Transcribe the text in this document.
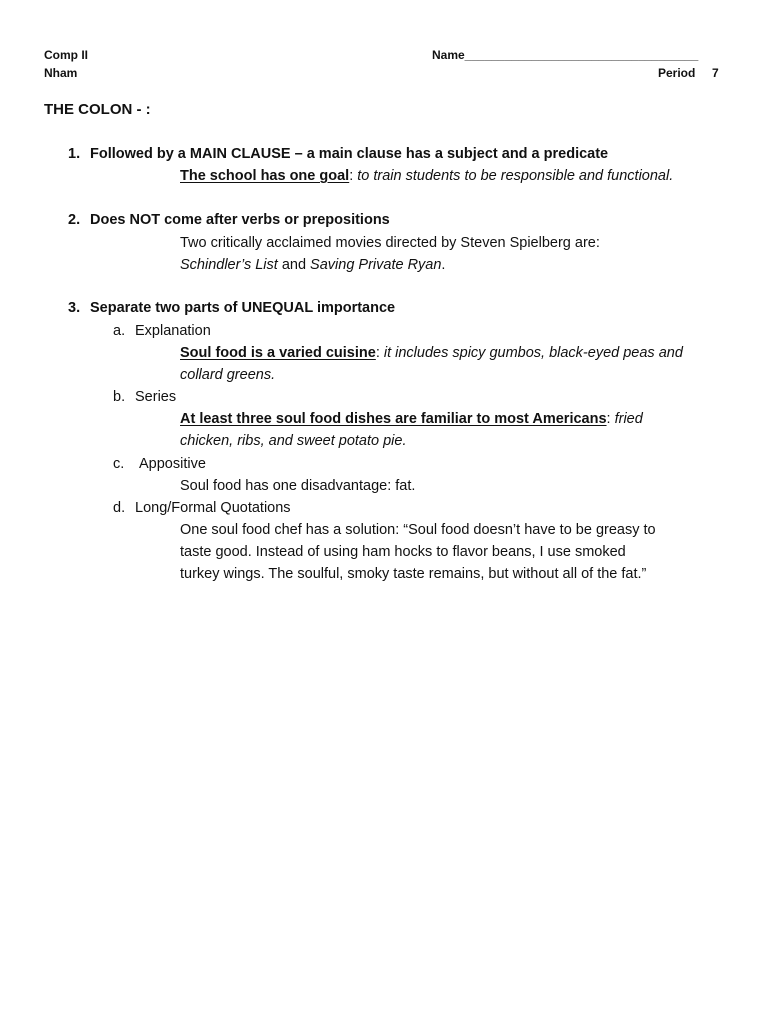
Comp II
Nham
Name___________________________________
Period 7
THE COLON - :
1. Followed by a MAIN CLAUSE – a main clause has a subject and a predicate
The school has one goal: to train students to be responsible and functional.
2. Does NOT come after verbs or prepositions
Two critically acclaimed movies directed by Steven Spielberg are:
Schindler’s List and Saving Private Ryan.
3. Separate two parts of UNEQUAL importance
a. Explanation
Soul food is a varied cuisine: it includes spicy gumbos, black-eyed peas and
collard greens.
b. Series
At least three soul food dishes are familiar to most Americans: fried
chicken, ribs, and sweet potato pie.
c. Appositive
Soul food has one disadvantage: fat.
d. Long/Formal Quotations
One soul food chef has a solution: “Soul food doesn’t have to be greasy to
taste good. Instead of using ham hocks to flavor beans, I use smoked
turkey wings. The soulful, smoky taste remains, but without all of the fat.”
